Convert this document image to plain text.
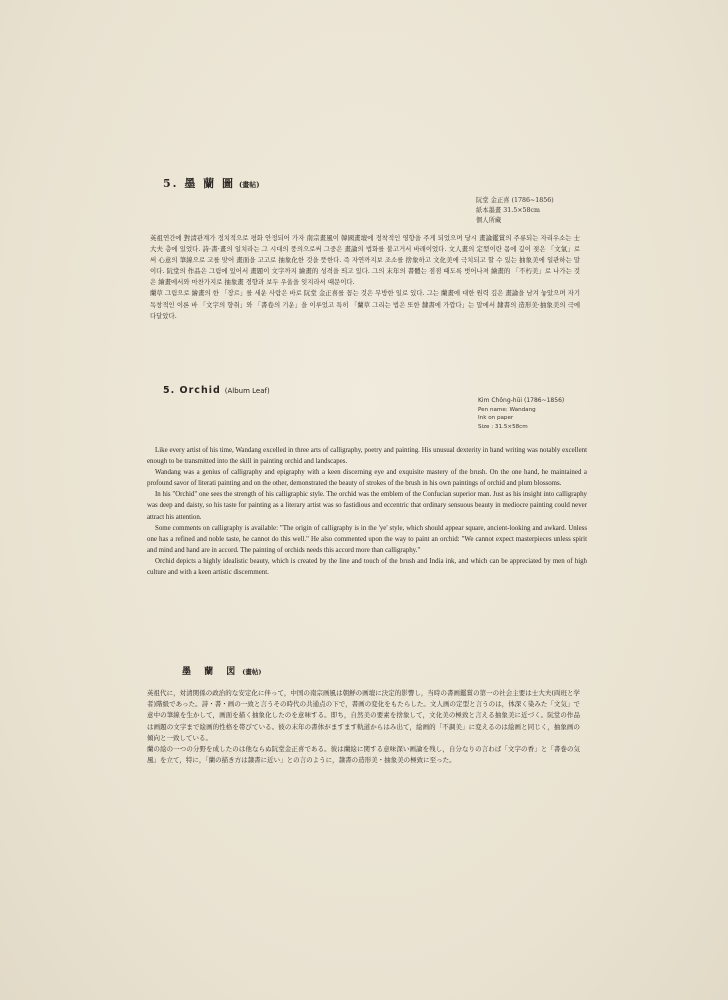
5. 墨 蘭 圖 (畫帖)
阮堂 金正喜 (1786~1856)
紙本墨畫 31.5×58cm
個人所藏

英祖연간에 對淸관계가 정치적으로 평화 안정되어 가자 南宗畫風이 韓國畫壇에 정착적인 영향을 주게 되었으며 당시 畫論鑑賞의 주류되는 자리우소는 士大夫 층에 있었다. 詩·書·畫의 일치라는 그 시대의 풍의으로써 그중은 畫論의 법화를 불고거서 바래이었다. 文人畫의 定型이란 몸에 깊이 젖은 「文氣」로써 心意의 筆線으로 고를 맞어 畫面을 고고로 抽象化한 것을 뜻한다. 즉 자연까지보 조소를 捨象하고 文化美에 극치되고 할 수 있는 抽象美에 일관하는 말이다. 阮堂의 作品은 그림에 있어서 畫題이 文字까지 繪畫的 성격을 띄고 있다. 그의 末年의 書體는 점점 때도록 벗어나져 繪畫的 「不朽美」로 나가는 것은 繪畫에서와 마찬가지로 抽象畫 경향과 보두 우울을 잊지라서 때문이다.

蘭草 그림으로 繪畫의 한 「장르」를 세운 사람은 바로 阮堂 金正喜를 꼽는 것은 무방한 일로 있다. 그는 蘭畫에 대한 원력 깊은 畫論을 남겨 놓았으며 자기 독창적인 이론 바 「文字의 향취」와 「書卷의 기운」을 이루었고 특히 「蘭草 그리는 법은 또한 隸書에 가깝다」는 말에서 隸書의 造形美·抽象美의 극에 다달았다.

5. Orchid (Album Leaf)
Kim Chŏng-hŭi (1786~1856)
Pen name: Wandang
Ink on paper
Size : 31.5×58cm

Like every artist of his time, Wandang excelled in three arts of calligraphy, poetry and painting. His unusual dexterity in hand writing was notably excellent enough to be transmitted into the skill in painting orchid and landscapes.

Wandang was a genius of calligraphy and epigraphy with a keen discerning eye and exquisite mastery of the brush. On the one hand, he maintained a profound savor of literati painting and on the other, demonstrated the beauty of strokes of the brush in his own paintings of orchid and plum blossoms.

In his "Orchid" one sees the strength of his calligraphic style. The orchid was the emblem of the Confucian superior man. Just as his insight into calligraphy was deep and daisty, so his taste for painting as a literary artist was so fastidious and eccentric that ordinary sensuous beauty in mediocre painting could never attract his attention.

Some comments on calligraphy is available: "The origin of calligraphy is in the 'ye' style, which should appear square, ancient-looking and awkard. Unless one has a refined and noble taste, he cannot do this well." He also commented upon the way to paint an orchid: "We cannot expect masterpieces unless spirit and mind and hand are in accord. The painting of orchids needs this accord more than calligraphy."

Orchid depicts a highly idealistic beauty, which is created by the line and touch of the brush and India ink, and which can be appreciated by men of high culture and with a keen artistic discernment.

墨 蘭 図 (畫帖)

英祖代に，対清関係の政治的な安定化に伴って，中国の南宗画風は朝鮮の画壇に決定的影響し，当時の書画鑑賞の第一の社会主要は士大夫(両班と学者)階級であった。詩・書・画の一致と言うその時代の共通点の下で，書画の変化をもたらした。文人画の定型と言うのは，体深く染みた「文気」で意中の筆線を生かして，画面を描く抽象化したのを意味する。即ち，自然美の要素を捨象して，文化美の極致と言える抽象美に近づく。阮堂の作品は画題の文字まで絵画的性格を帯びている。彼の末年の書体がますます軌道からはみ出て，絵画的「不調美」に変えるのは絵画と同じく，抽象画の傾向と一致している。

蘭の絵の一つの分野を成したのは他ならぬ阮堂金正喜である。彼は蘭絵に関する意味深い画論を残し，自分なりの言わば「文字の香」と「書巻の気風」を立て，特に，「蘭の描き方は隷書に近い」との言のように，隷書の造形美・抽象美の極致に至った。
